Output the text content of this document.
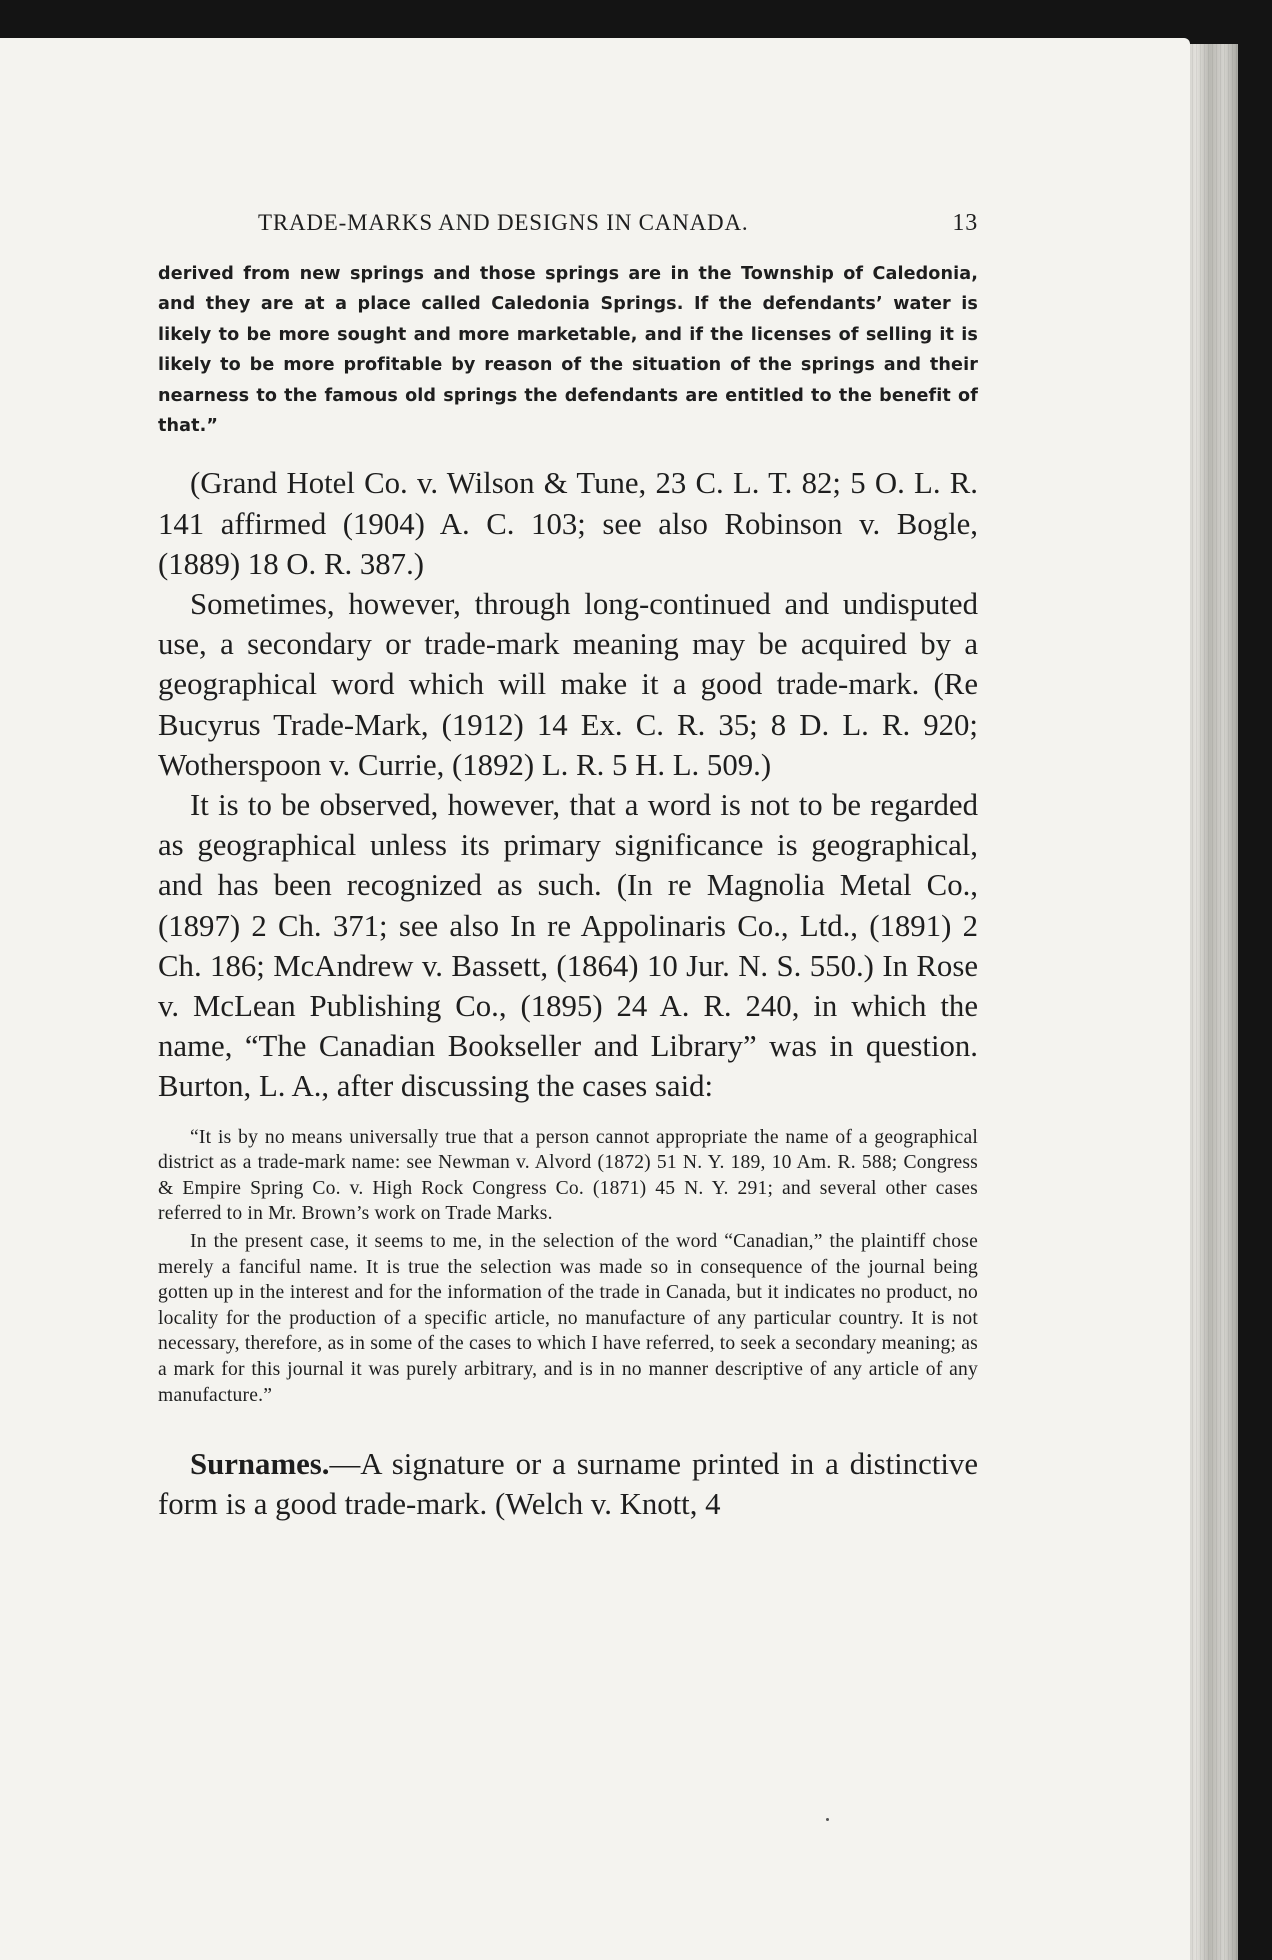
TRADE-MARKS AND DESIGNS IN CANADA.	13

derived from new springs and those springs are in the Township of Caledonia, and they are at a place called Caledonia Springs. If the defendants’ water is likely to be more sought and more marketable, and if the licenses of selling it is likely to be more profitable by reason of the situation of the springs and their nearness to the famous old springs the defendants are entitled to the benefit of that.”

(Grand Hotel Co. v. Wilson & Tune, 23 C. L. T. 82; 5 O. L. R. 141 affirmed (1904) A. C. 103; see also Robinson v. Bogle, (1889) 18 O. R. 387.)

Sometimes, however, through long-continued and undisputed use, a secondary or trade-mark meaning may be acquired by a geographical word which will make it a good trade-mark. (Re Bucyrus Trade-Mark, (1912) 14 Ex. C. R. 35; 8 D. L. R. 920; Wotherspoon v. Currie, (1892) L. R. 5 H. L. 509.)

It is to be observed, however, that a word is not to be regarded as geographical unless its primary significance is geographical, and has been recognized as such. (In re Magnolia Metal Co., (1897) 2 Ch. 371; see also In re Appolinaris Co., Ltd., (1891) 2 Ch. 186; McAndrew v. Bassett, (1864) 10 Jur. N. S. 550.) In Rose v. McLean Publishing Co., (1895) 24 A. R. 240, in which the name, “The Canadian Bookseller and Library” was in question. Burton, L. A., after discussing the cases said:

“It is by no means universally true that a person cannot appropriate the name of a geographical district as a trade-mark name: see Newman v. Alvord (1872) 51 N. Y. 189, 10 Am. R. 588; Congress & Empire Spring Co. v. High Rock Congress Co. (1871) 45 N. Y. 291; and several other cases referred to in Mr. Brown’s work on Trade Marks.

In the present case, it seems to me, in the selection of the word “Canadian,” the plaintiff chose merely a fanciful name. It is true the selection was made so in consequence of the journal being gotten up in the interest and for the information of the trade in Canada, but it indicates no product, no locality for the production of a specific article, no manufacture of any particular country. It is not necessary, therefore, as in some of the cases to which I have referred, to seek a secondary meaning; as a mark for this journal it was purely arbitrary, and is in no manner descriptive of any article of any manufacture.”

Surnames.—A signature or a surname printed in a distinctive form is a good trade-mark. (Welch v. Knott, 4
